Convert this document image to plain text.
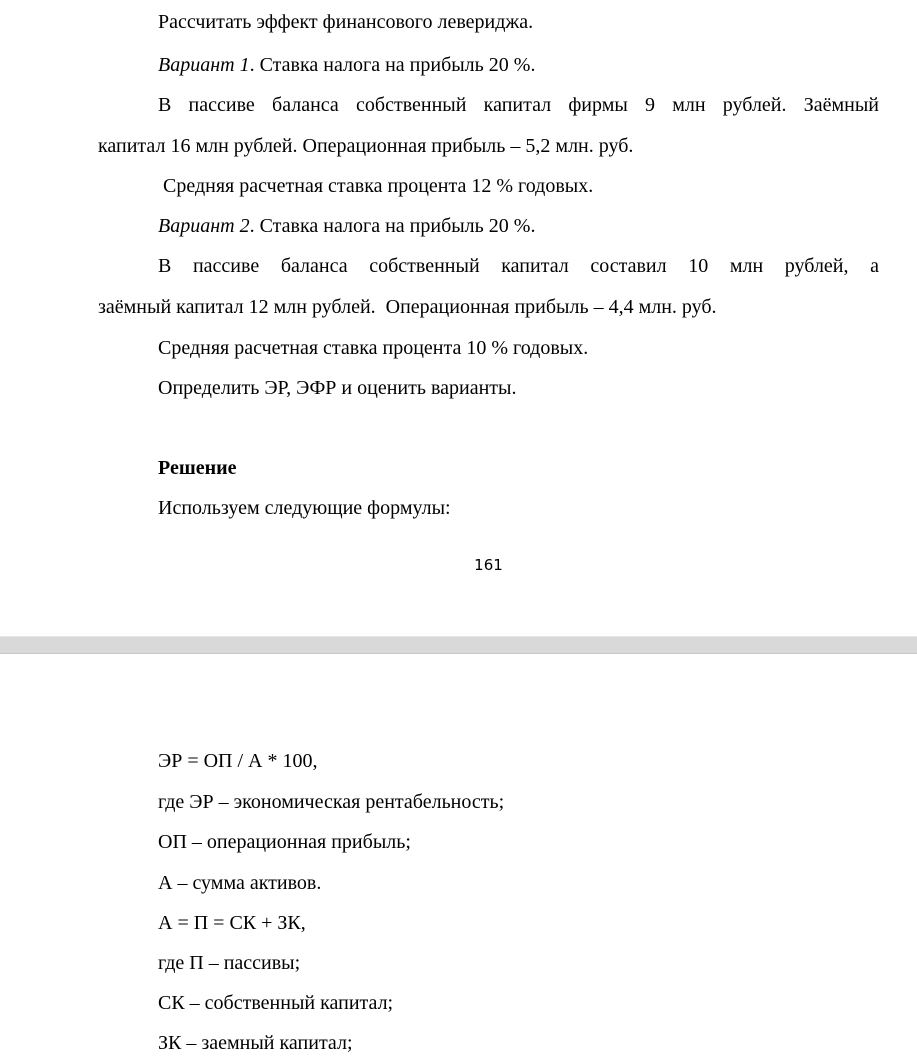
Рассчитать эффект финансового левериджа.
Вариант 1. Ставка налога на прибыль 20 %.
В пассиве баланса собственный капитал фирмы 9 млн рублей. Заёмный
капитал 16 млн рублей. Операционная прибыль – 5,2 млн. руб.
Средняя расчетная ставка процента 12 % годовых.
Вариант 2. Ставка налога на прибыль 20 %.
В пассиве баланса собственный капитал составил 10 млн рублей, а
заёмный капитал 12 млн рублей.  Операционная прибыль – 4,4 млн. руб.
Средняя расчетная ставка процента 10 % годовых.
Определить ЭР, ЭФР и оценить варианты.
Решение
Используем следующие формулы:
161
ЭР = ОП / А * 100,
где ЭР – экономическая рентабельность;
ОП – операционная прибыль;
А – сумма активов.
А = П = СК + ЗК,
где П – пассивы;
СК – собственный капитал;
ЗК – заемный капитал;
